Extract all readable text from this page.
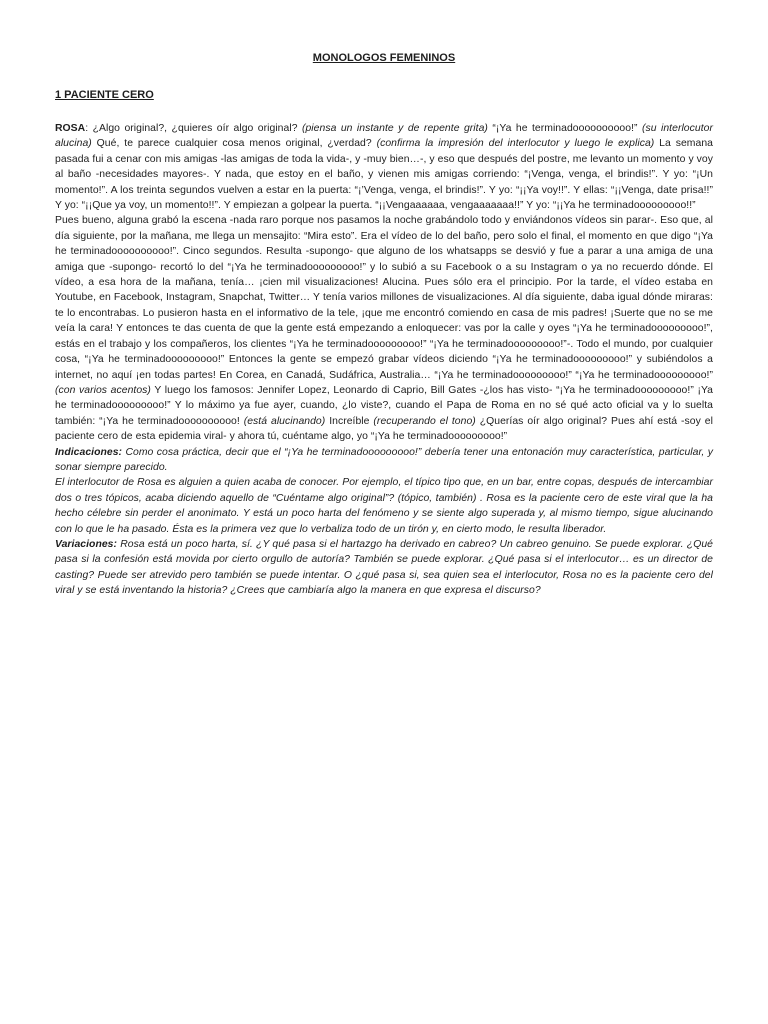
MONOLOGOS FEMENINOS
1 PACIENTE CERO

ROSA: ¿Algo original?, ¿quieres oír algo original? (piensa un instante y de repente grita) “¡Ya he terminadoooooooooo!” (su interlocutor alucina) Qué, te parece cualquier cosa menos original, ¿verdad? (confirma la impresión del interlocutor y luego le explica) La semana pasada fui a cenar con mis amigas -las amigas de toda la vida-, y -muy bien…-, y eso que después del postre, me levanto un momento y voy al baño -necesidades mayores-. Y nada, que estoy en el baño, y vienen mis amigas corriendo: “¡Venga, venga, el brindis!”. Y yo: “¡Un momento!”. A los treinta segundos vuelven a estar en la puerta: “¡’Venga, venga, el brindis!”. Y yo: “¡¡Ya voy!!”. Y ellas: “¡¡Venga, date prisa!!” Y yo: “¡¡Que ya voy, un momento!!”. Y empiezan a golpear la puerta. “¡¡Vengaaaaaa, vengaaaaaaa!!” Y yo: “¡¡Ya he terminadooooooooo!!”

Pues bueno, alguna grabó la escena -nada raro porque nos pasamos la noche grabándolo todo y enviándonos vídeos sin parar-. Eso que, al día siguiente, por la mañana, me llega un mensajito: “Mira esto”. Era el vídeo de lo del baño, pero solo el final, el momento en que digo “¡Ya he terminadoooooooooo!”. Cinco segundos. Resulta -supongo- que alguno de los whatsapps se desvió y fue a parar a una amiga de una amiga que -supongo- recortó lo del “¡Ya he terminadooooooooo!” y lo subió a su Facebook o a su Instagram o ya no recuerdo dónde. El vídeo, a esa hora de la mañana, tenía… ¡cien mil visualizaciones! Alucina. Pues sólo era el principio. Por la tarde, el vídeo estaba en Youtube, en Facebook, Instagram, Snapchat, Twitter… Y tenía varios millones de visualizaciones. Al día siguiente, daba igual dónde miraras: te lo encontrabas. Lo pusieron hasta en el informativo de la tele, ¡que me encontró comiendo en casa de mis padres! ¡Suerte que no se me veía la cara! Y entonces te das cuenta de que la gente está empezando a enloquecer: vas por la calle y oyes “¡Ya he terminadooooooooo!”, estás en el trabajo y los compañeros, los clientes “¡Ya he terminadooooooooo!” “¡Ya he terminadooooooooo!”-. Todo el mundo, por cualquier cosa, “¡Ya he terminadooooooooo!” Entonces la gente se empezó grabar vídeos diciendo “¡Ya he terminadooooooooo!” y subiéndolos a internet, no aquí ¡en todas partes! En Corea, en Canadá, Sudáfrica, Australia… “¡Ya he terminadooooooooo!” “¡Ya he terminadooooooooo!” (con varios acentos) Y luego los famosos: Jennifer Lopez, Leonardo di Caprio, Bill Gates -¿los has visto- “¡Ya he terminadooooooooo!” ¡Ya he terminadooooooooo!” Y lo máximo ya fue ayer, cuando, ¿lo viste?, cuando el Papa de Roma en no sé qué acto oficial va y lo suelta también: “¡Ya he terminadoooooooooo! (está alucinando) Increíble (recuperando el tono) ¿Querías oír algo original? Pues ahí está -soy el paciente cero de esta epidemia viral- y ahora tú, cuéntame algo, yo “¡Ya he terminadooooooooo!”

Indicaciones: Como cosa práctica, decir que el “¡Ya he terminadooooooooo!” debería tener una entonación muy característica, particular, y sonar siempre parecido.

El interlocutor de Rosa es alguien a quien acaba de conocer. Por ejemplo, el típico tipo que, en un bar, entre copas, después de intercambiar dos o tres tópicos, acaba diciendo aquello de “Cuéntame algo original”? (tópico, también) . Rosa es la paciente cero de este viral que la ha hecho célebre sin perder el anonimato. Y está un poco harta del fenómeno y se siente algo superada y, al mismo tiempo, sigue alucinando con lo que le ha pasado. Ésta es la primera vez que lo verbaliza todo de un tirón y, en cierto modo, le resulta liberador.

Variaciones: Rosa está un poco harta, sí. ¿Y qué pasa si el hartazgo ha derivado en cabreo? Un cabreo genuino. Se puede explorar. ¿Qué pasa si la confesión está movida por cierto orgullo de autoría? También se puede explorar. ¿Qué pasa si el interlocutor… es un director de casting? Puede ser atrevido pero también se puede intentar. O ¿qué pasa si, sea quien sea el interlocutor, Rosa no es la paciente cero del viral y se está inventando la historia? ¿Crees que cambiaría algo la manera en que expresa el discurso?
